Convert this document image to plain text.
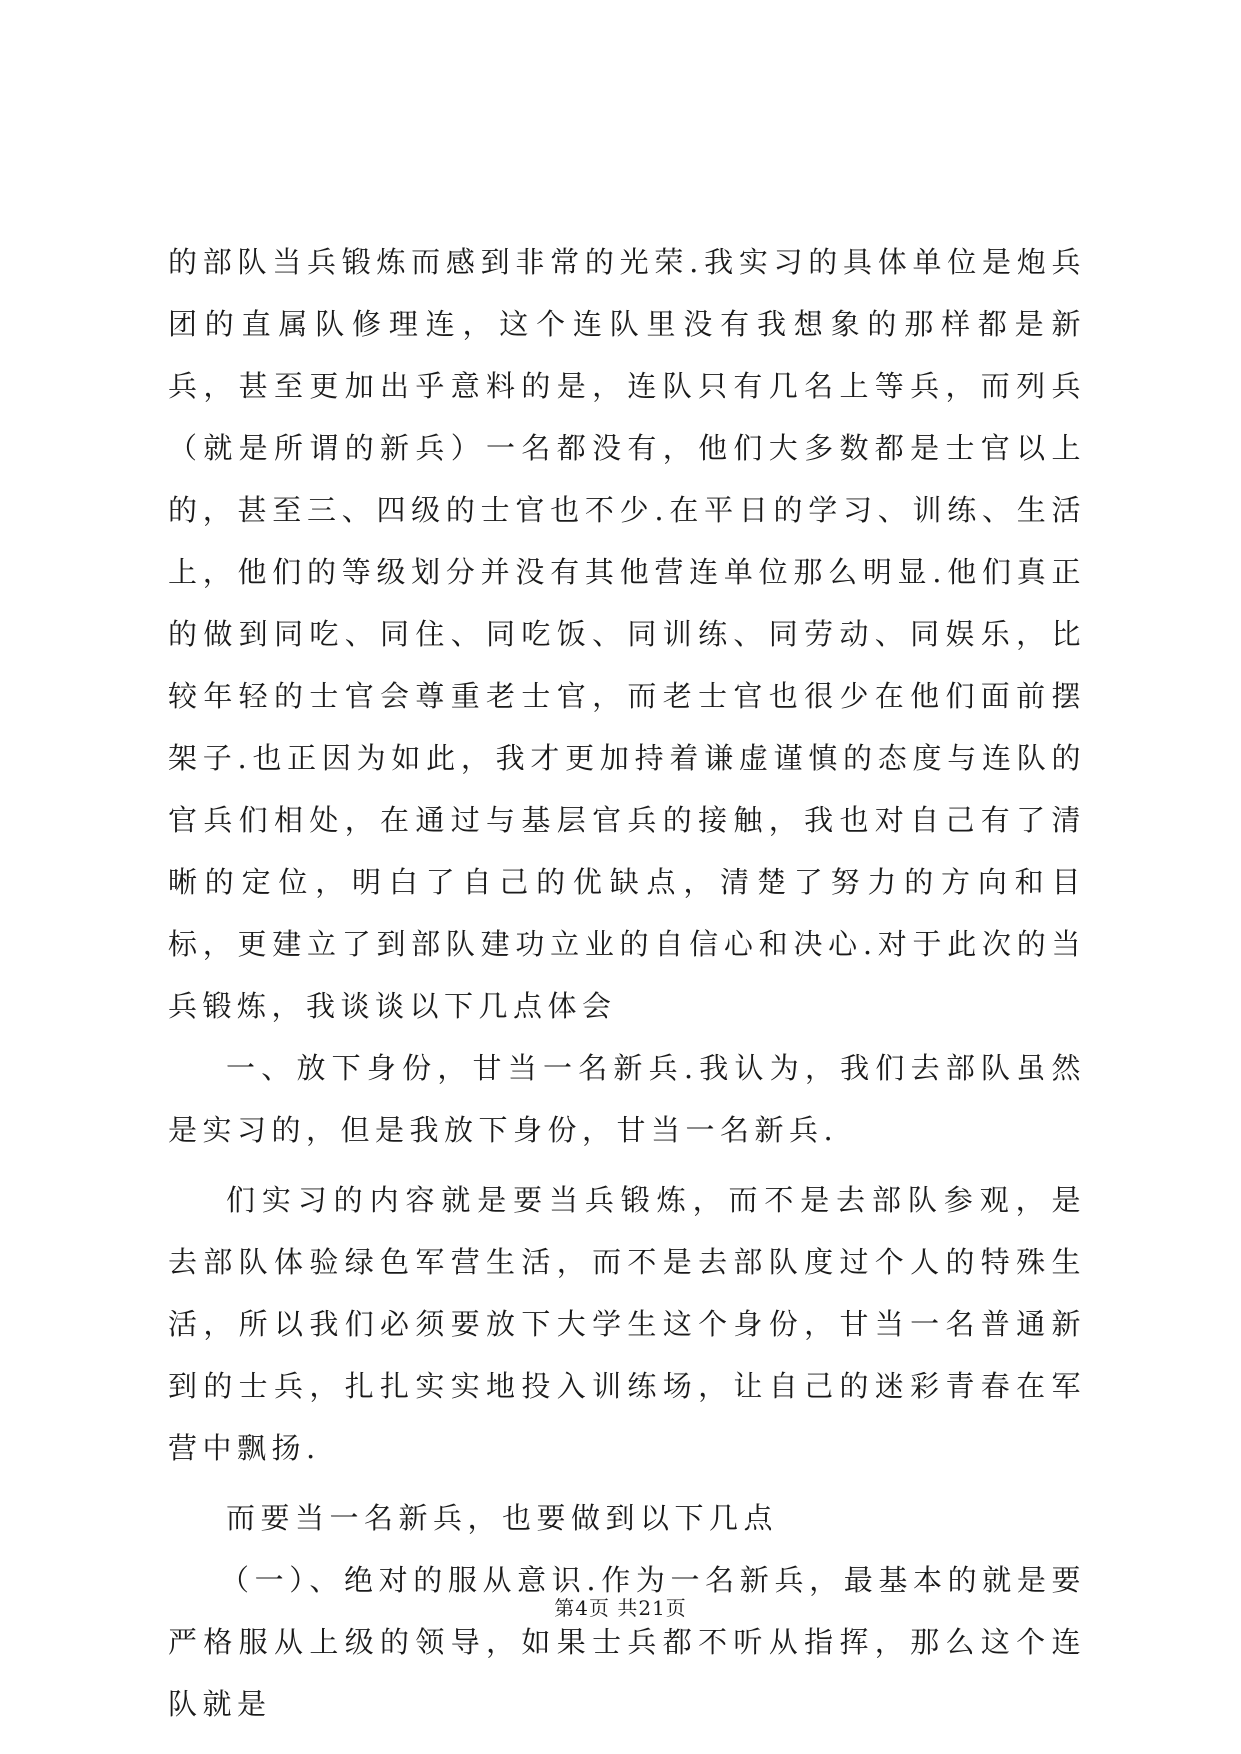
的部队当兵锻炼而感到非常的光荣.我实习的具体单位是炮兵团的直属队修理连，这个连队里没有我想象的那样都是新兵，甚至更加出乎意料的是，连队只有几名上等兵，而列兵（就是所谓的新兵）一名都没有，他们大多数都是士官以上的，甚至三、四级的士官也不少.在平日的学习、训练、生活上，他们的等级划分并没有其他营连单位那么明显.他们真正的做到同吃、同住、同吃饭、同训练、同劳动、同娱乐，比较年轻的士官会尊重老士官，而老士官也很少在他们面前摆架子.也正因为如此，我才更加持着谦虚谨慎的态度与连队的官兵们相处，在通过与基层官兵的接触，我也对自己有了清晰的定位，明白了自己的优缺点，清楚了努力的方向和目标，更建立了到部队建功立业的自信心和决心.对于此次的当兵锻炼，我谈谈以下几点体会

一、放下身份，甘当一名新兵.我认为，我们去部队虽然是实习的，但是我放下身份，甘当一名新兵.

们实习的内容就是要当兵锻炼，而不是去部队参观，是去部队体验绿色军营生活，而不是去部队度过个人的特殊生活，所以我们必须要放下大学生这个身份，甘当一名普通新到的士兵，扎扎实实地投入训练场，让自己的迷彩青春在军营中飘扬.

而要当一名新兵，也要做到以下几点

（一）、绝对的服从意识.作为一名新兵，最基本的就是要严格服从上级的领导，如果士兵都不听从指挥，那么这个连队就是

第4页 共21页
